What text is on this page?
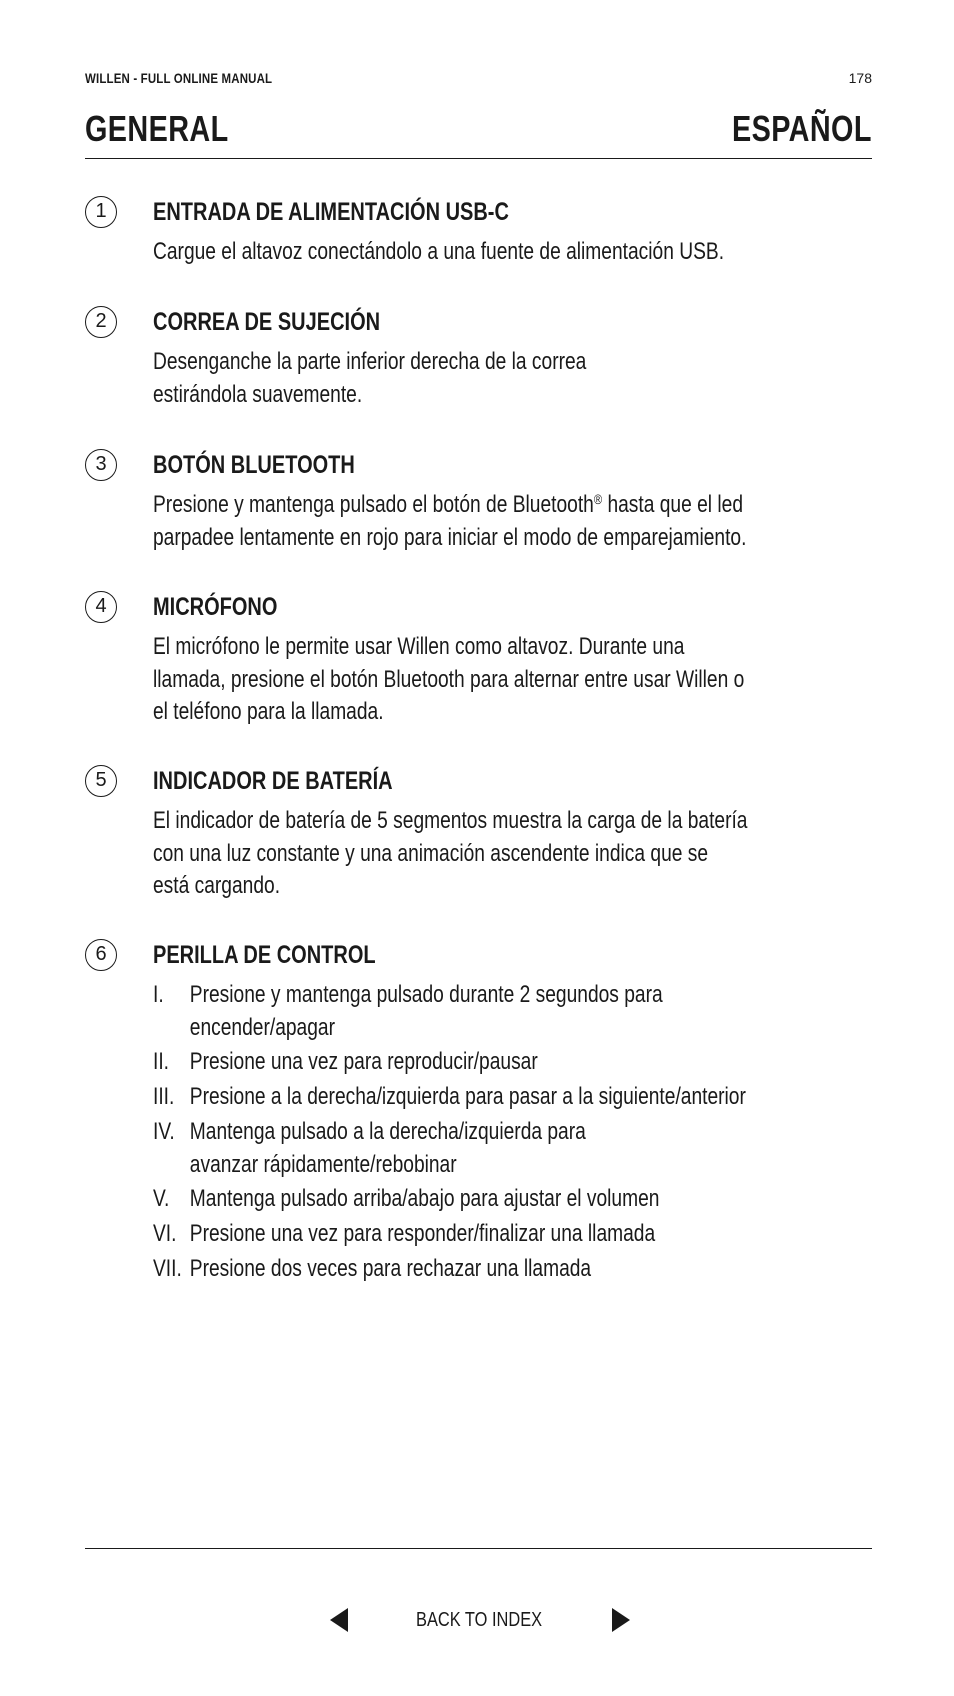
WILLEN - FULL ONLINE MANUAL	178
GENERAL	ESPAÑOL
1	ENTRADA DE ALIMENTACIÓN USB-C
Cargue el altavoz conectándolo a una fuente de alimentación USB.
2	CORREA DE SUJECIÓN
Desenganche la parte inferior derecha de la correa
estirándola suavemente.
3	BOTÓN BLUETOOTH
Presione y mantenga pulsado el botón de Bluetooth® hasta que el led
parpadee lentamente en rojo para iniciar el modo de emparejamiento.
4	MICRÓFONO
El micrófono le permite usar Willen como altavoz. Durante una
llamada, presione el botón Bluetooth para alternar entre usar Willen o
el teléfono para la llamada.
5	INDICADOR DE BATERÍA
El indicador de batería de 5 segmentos muestra la carga de la batería
con una luz constante y una animación ascendente indica que se
está cargando.
6	PERILLA DE CONTROL
I. Presione y mantenga pulsado durante 2 segundos para
encender/apagar
II. Presione una vez para reproducir/pausar
III. Presione a la derecha/izquierda para pasar a la siguiente/anterior
IV. Mantenga pulsado a la derecha/izquierda para
avanzar rápidamente/rebobinar
V. Mantenga pulsado arriba/abajo para ajustar el volumen
VI. Presione una vez para responder/finalizar una llamada
VII. Presione dos veces para rechazar una llamada
BACK TO INDEX
